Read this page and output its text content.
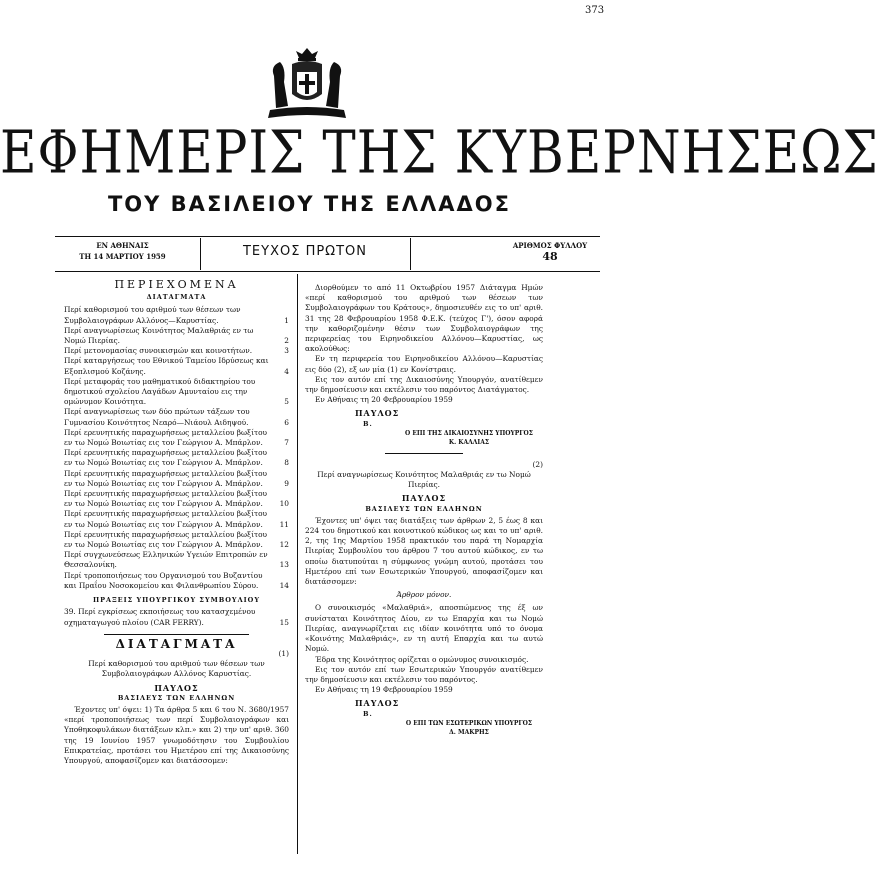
373
ΕΦΗΜΕΡΙΣ ΤΗΣ ΚΥΒΕΡΝΗΣΕΩΣ
ΤΟΥ ΒΑΣΙΛΕΙΟΥ ΤΗΣ ΕΛΛΑΔΟΣ
ΕΝ ΑΘΗΝΑΙΣ
ΤΗ 14 ΜΑΡΤΙΟΥ 1959	ΤΕΥΧΟΣ ΠΡΩΤΟΝ	ΑΡΙΘΜΟΣ ΦΥΛΛΟΥ
48
ΠΕΡΙΕΧΟΜΕΝΑ
ΔΙΑΤΑΓΜΑΤΑ
Περί καθορισμού του αριθμού των θέσεων των Συμβολαιογράφων Αλλόνος—Καρυστίας.	1
Περί αναγνωρίσεως Κοινότητος Μαλαθριάς εν τω Νομώ Πιερίας.	2
Περί μετονομασίας συνοικισμών και κοινοτήτων.	3
Περί καταργήσεως του Εθνικού Ταμείου Ιδρύσεως και Εξοπλισμού Κοζάνης.	4
Περί μεταφοράς του μαθηματικού διδακτηρίου του δημοτικού σχολείου Λαγάδων Αμυνταίου εις την ομώνυμον Κοινότητα.	5
Περί αναγνωρίσεως των δύο πρώτων τάξεων του Γυμνασίου Κοινότητος Νεαρό—Νιάουλ Αιδηψού.	6
Περί ερευνητικής παραχωρήσεως μεταλλείου βωξίτου εν τω Νομώ Βοιωτίας εις τον Γεώργιον Α. Μπάρλον.	7
Περί ερευνητικής παραχωρήσεως μεταλλείου βωξίτου εν τω Νομώ Βοιωτίας εις τον Γεώργιον Α. Μπάρλον.	8
Περί ερευνητικής παραχωρήσεως μεταλλείου βωξίτου εν τω Νομώ Βοιωτίας εις τον Γεώργιον Α. Μπάρλον.	9
Περί ερευνητικής παραχωρήσεως μεταλλείου βωξίτου εν τω Νομώ Βοιωτίας εις τον Γεώργιον Α. Μπάρλον.	10
Περί ερευνητικής παραχωρήσεως μεταλλείου βωξίτου εν τω Νομώ Βοιωτίας εις τον Γεώργιον Α. Μπάρλον.	11
Περί ερευνητικής παραχωρήσεως μεταλλείου βωξίτου εν τω Νομώ Βοιωτίας εις τον Γεώργιον Α. Μπάρλον.	12
Περί συγχωνεύσεως Ελληνικών Υγειών Επιτροπών εν Θεσσαλονίκη.	13
Περί τροποποιήσεως του Οργανισμού του Βυζαντίου και Πραΐου Νοσοκομείου και Φιλανθρωπίου Σύρου.	14
ΠΡΑΞΕΙΣ ΥΠΟΥΡΓΙΚΟΥ ΣΥΜΒΟΥΛΙΟΥ
39. Περί εγκρίσεως εκποιήσεως του κατασχεμένου οχηματαγωγού πλοίου (CAR FERRY).	15
ΔΙΑΤΑΓΜΑΤΑ
(1)
Περί καθορισμού του αριθμού των θέσεων των Συμβολαιογράφων Αλλόνος Καρυστίας.
ΠΑΥΛΟΣ
ΒΑΣΙΛΕΥΣ ΤΩΝ ΕΛΛΗΝΩΝ

Έχοντες υπ' όψει: 1) Τα άρθρα 5 και 6 του Ν. 3680/1957 «περί τροποποιήσεως των περί Συμβολαιογράφων και Υποθηκοφυλάκων διατάξεων κλπ.» και 2) την υπ' αριθ. 360 της 19 Ιουνίου 1957 γνωμοδότησιν του Συμβουλίου Επικρατείας, προτάσει του Ημετέρου επί της Δικαιοσύνης Υπουργού, αποφασίζομεν και διατάσσομεν:

Διορθούμεν το από 11 Οκτωβρίου 1957 Διάταγμα Ημών «περί καθορισμού του αριθμού των θέσεων των Συμβολαιογράφων του Κράτους», δημοσιευθέν εις το υπ' αριθ. 31 της 28 Φεβρουαρίου 1958 Φ.Ε.Κ. (τεύχος Γ'), όσον αφορά την καθοριζομένην θέσιν των Συμβολαιογράφων της περιφερείας του Ειρηνοδικείου Αλλόνου—Καρυστίας, ως ακολούθως:

Εν τη περιφερεία του Ειρηνοδικείου Αλλόνου—Καρυστίας εις δύο (2), εξ ων μία (1) εν Κονίστραις.

Εις τον αυτόν επί της Δικαιοσύνης Υπουργόν, ανατίθεμεν την δημοσίευσιν και εκτέλεσιν του παρόντος Διατάγματος.

Εν Αθήναις τη 20 Φεβρουαρίου 1959

ΠΑΥΛΟΣ
Β.
Ο ΕΠΙ ΤΗΣ ΔΙΚΑΙΟΣΥΝΗΣ ΥΠΟΥΡΓΟΣ
Κ. ΚΑΛΛΙΑΣ
(2)
Περί αναγνωρίσεως Κοινότητος Μαλαθριάς εν τω Νομώ Πιερίας.
ΠΑΥΛΟΣ
ΒΑΣΙΛΕΥΣ ΤΩΝ ΕΛΛΗΝΩΝ

Έχοντες υπ' όψει τας διατάξεις των άρθρων 2, 5 έως 8 και 224 του δημοτικού και κοινοτικού κώδικος ως και το υπ' αριθ. 2, της 1ης Μαρτίου 1958 πρακτικόν του παρά τη Νομαρχία Πιερίας Συμβουλίου του άρθρου 7 του αυτού κώδικος, εν τω οποίω διατυπούται η σύμφωνος γνώμη αυτού, προτάσει του Ημετέρου επί των Εσωτερικών Υπουργού, αποφασίζομεν και διατάσσομεν:

Άρθρον μόνον.

Ο συνοικισμός «Μαλαθριά», αποσπώμενος της έξ ων συνίσταται Κοινότητος Δίου, εν τω Επαρχία και τω Νομώ Πιερίας, αναγνωρίζεται εις ιδίαν κοινότητα υπό το όνομα «Κοινότης Μαλαθριάς», εν τη αυτή Επαρχία και τω αυτώ Νομώ.

Έδρα της Κοινότητος ορίζεται ο ομώνυμος συνοικισμός.

Εις τον αυτόν επί των Εσωτερικών Υπουργόν ανατίθεμεν την δημοσίευσιν και εκτέλεσιν του παρόντος.

Εν Αθήναις τη 19 Φεβρουαρίου 1959

ΠΑΥΛΟΣ
Β.
Ο ΕΠΙ ΤΩΝ ΕΣΩΤΕΡΙΚΩΝ ΥΠΟΥΡΓΟΣ
Δ. ΜΑΚΡΗΣ
